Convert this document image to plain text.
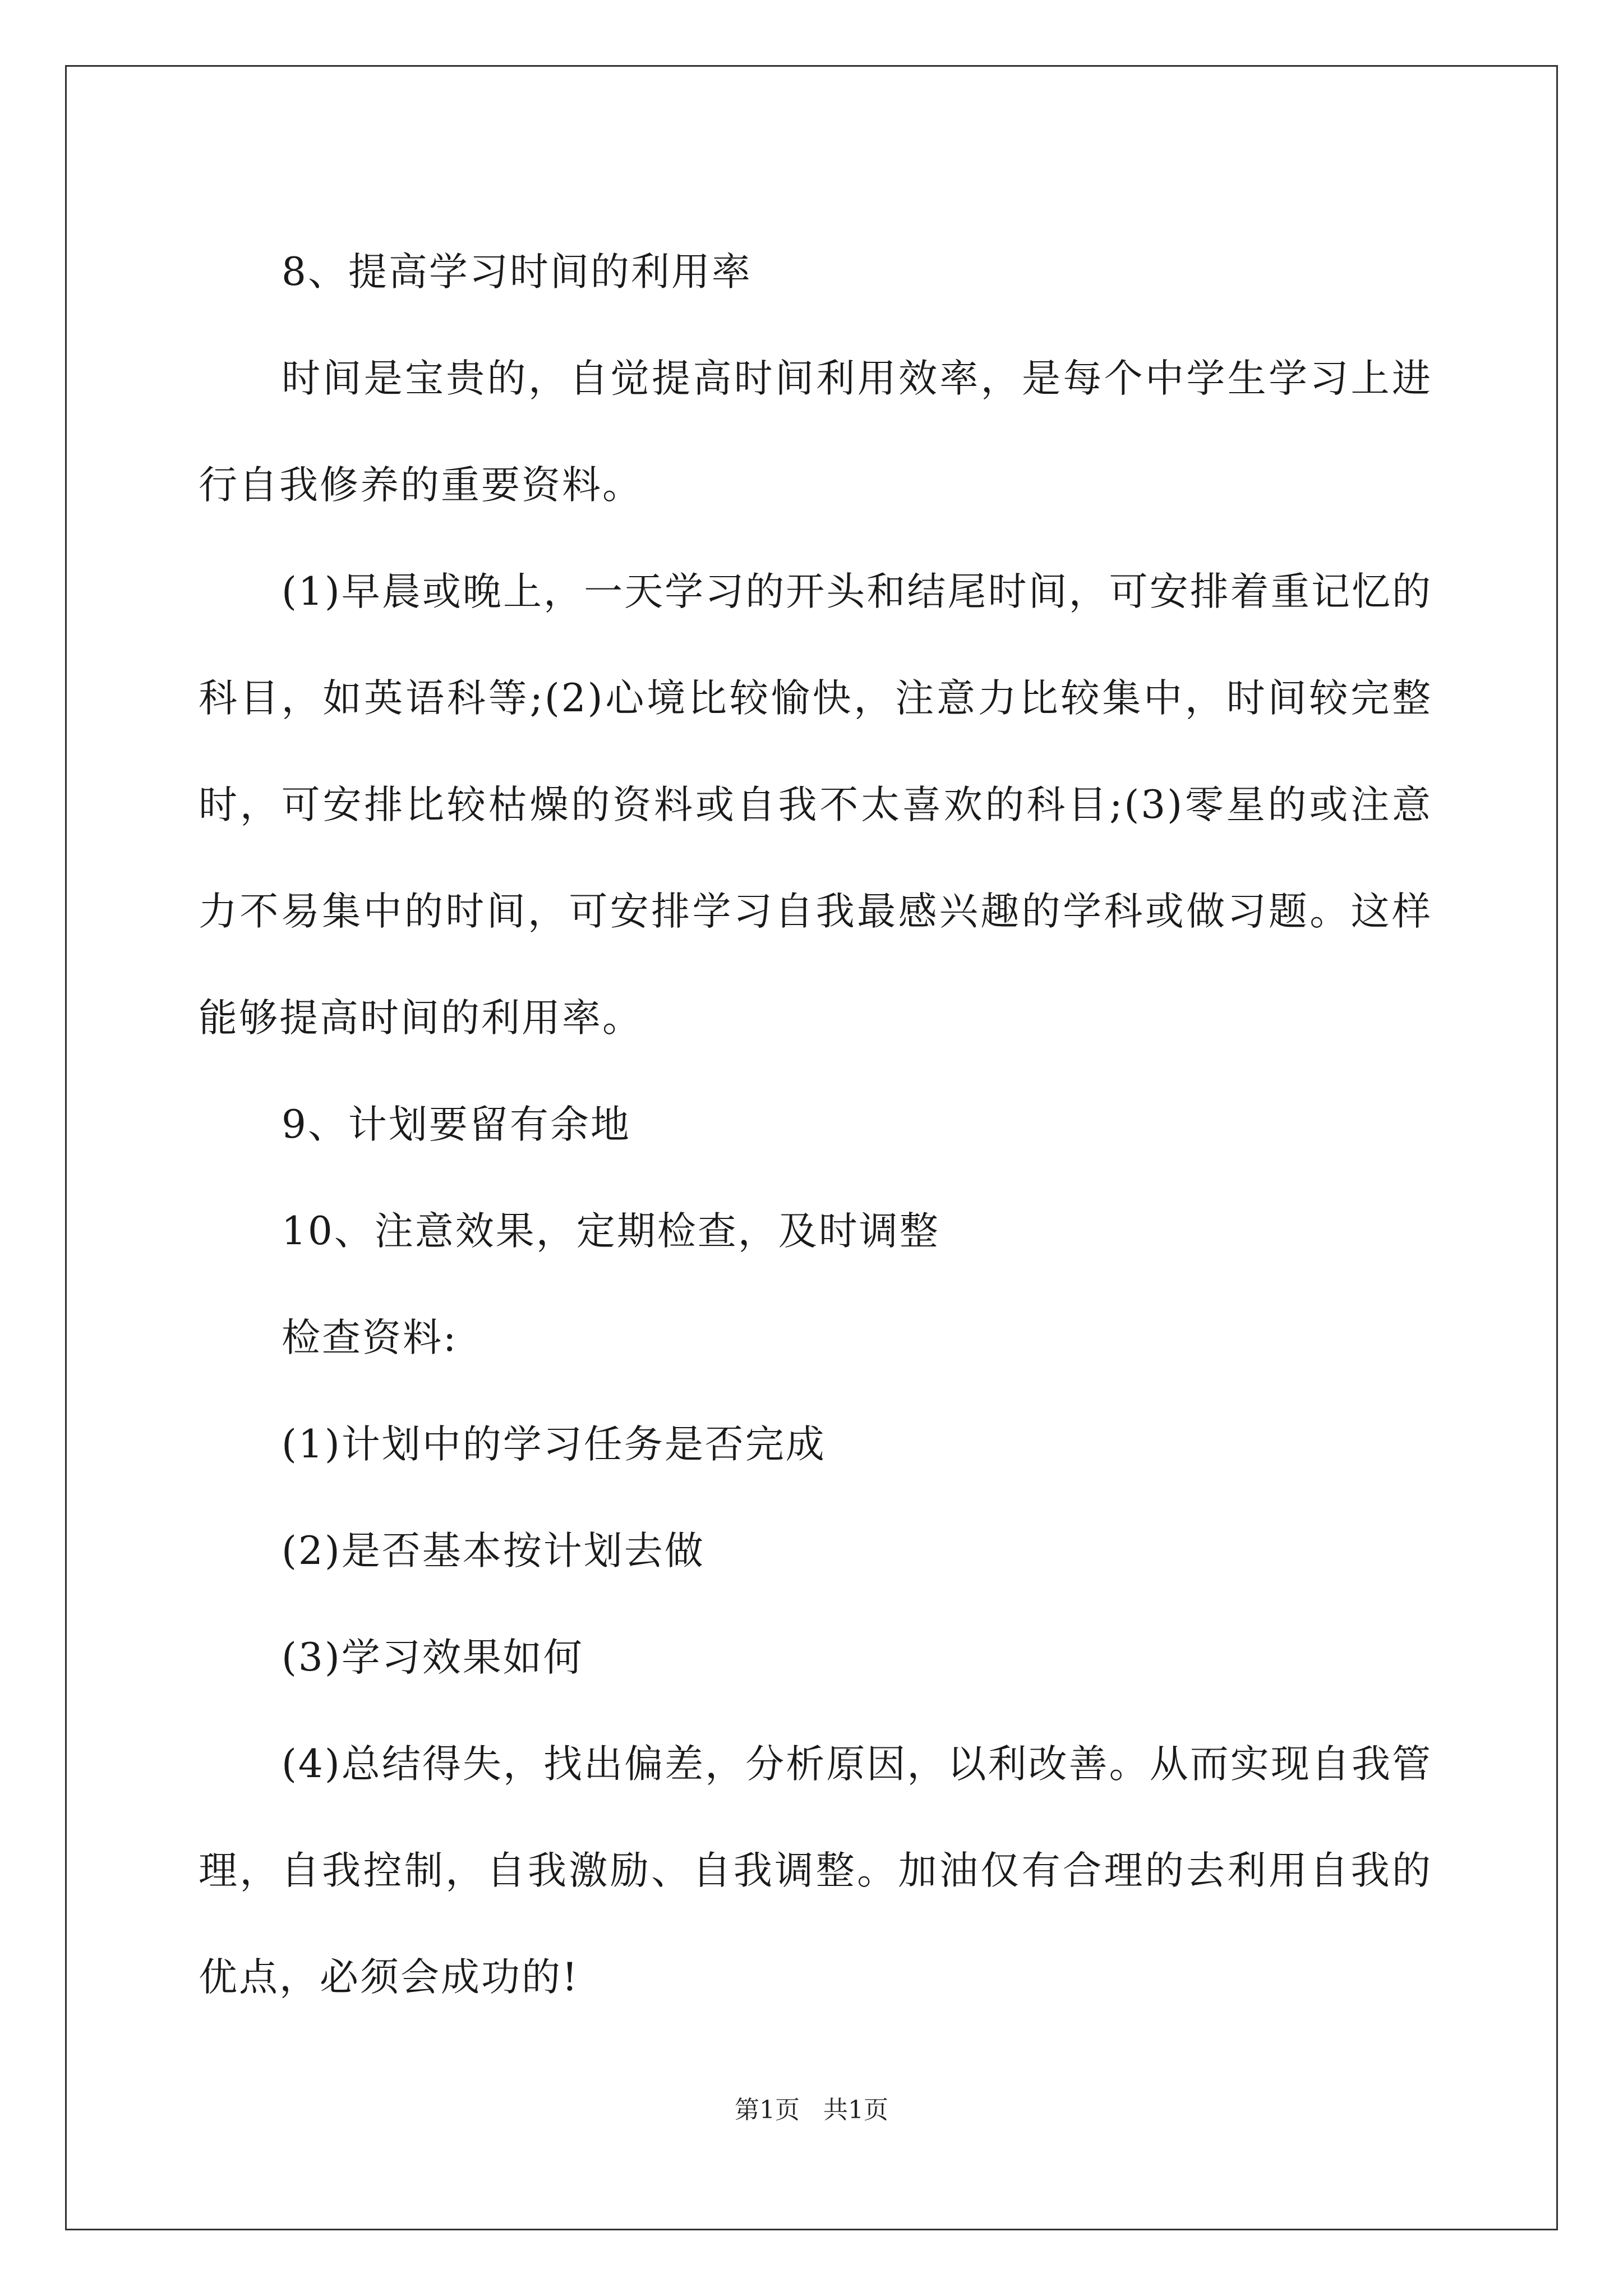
8、提高学习时间的利用率

时间是宝贵的，自觉提高时间利用效率，是每个中学生学习上进行自我修养的重要资料。

(1)早晨或晚上，一天学习的开头和结尾时间，可安排着重记忆的科目，如英语科等;(2)心境比较愉快，注意力比较集中，时间较完整时，可安排比较枯燥的资料或自我不太喜欢的科目;(3)零星的或注意力不易集中的时间，可安排学习自我最感兴趣的学科或做习题。这样能够提高时间的利用率。

9、计划要留有余地

10、注意效果，定期检查，及时调整

检查资料:

(1)计划中的学习任务是否完成

(2)是否基本按计划去做

(3)学习效果如何

(4)总结得失，找出偏差，分析原因，以利改善。从而实现自我管理，自我控制，自我激励、自我调整。加油仅有合理的去利用自我的优点，必须会成功的!

第1页 共1页
